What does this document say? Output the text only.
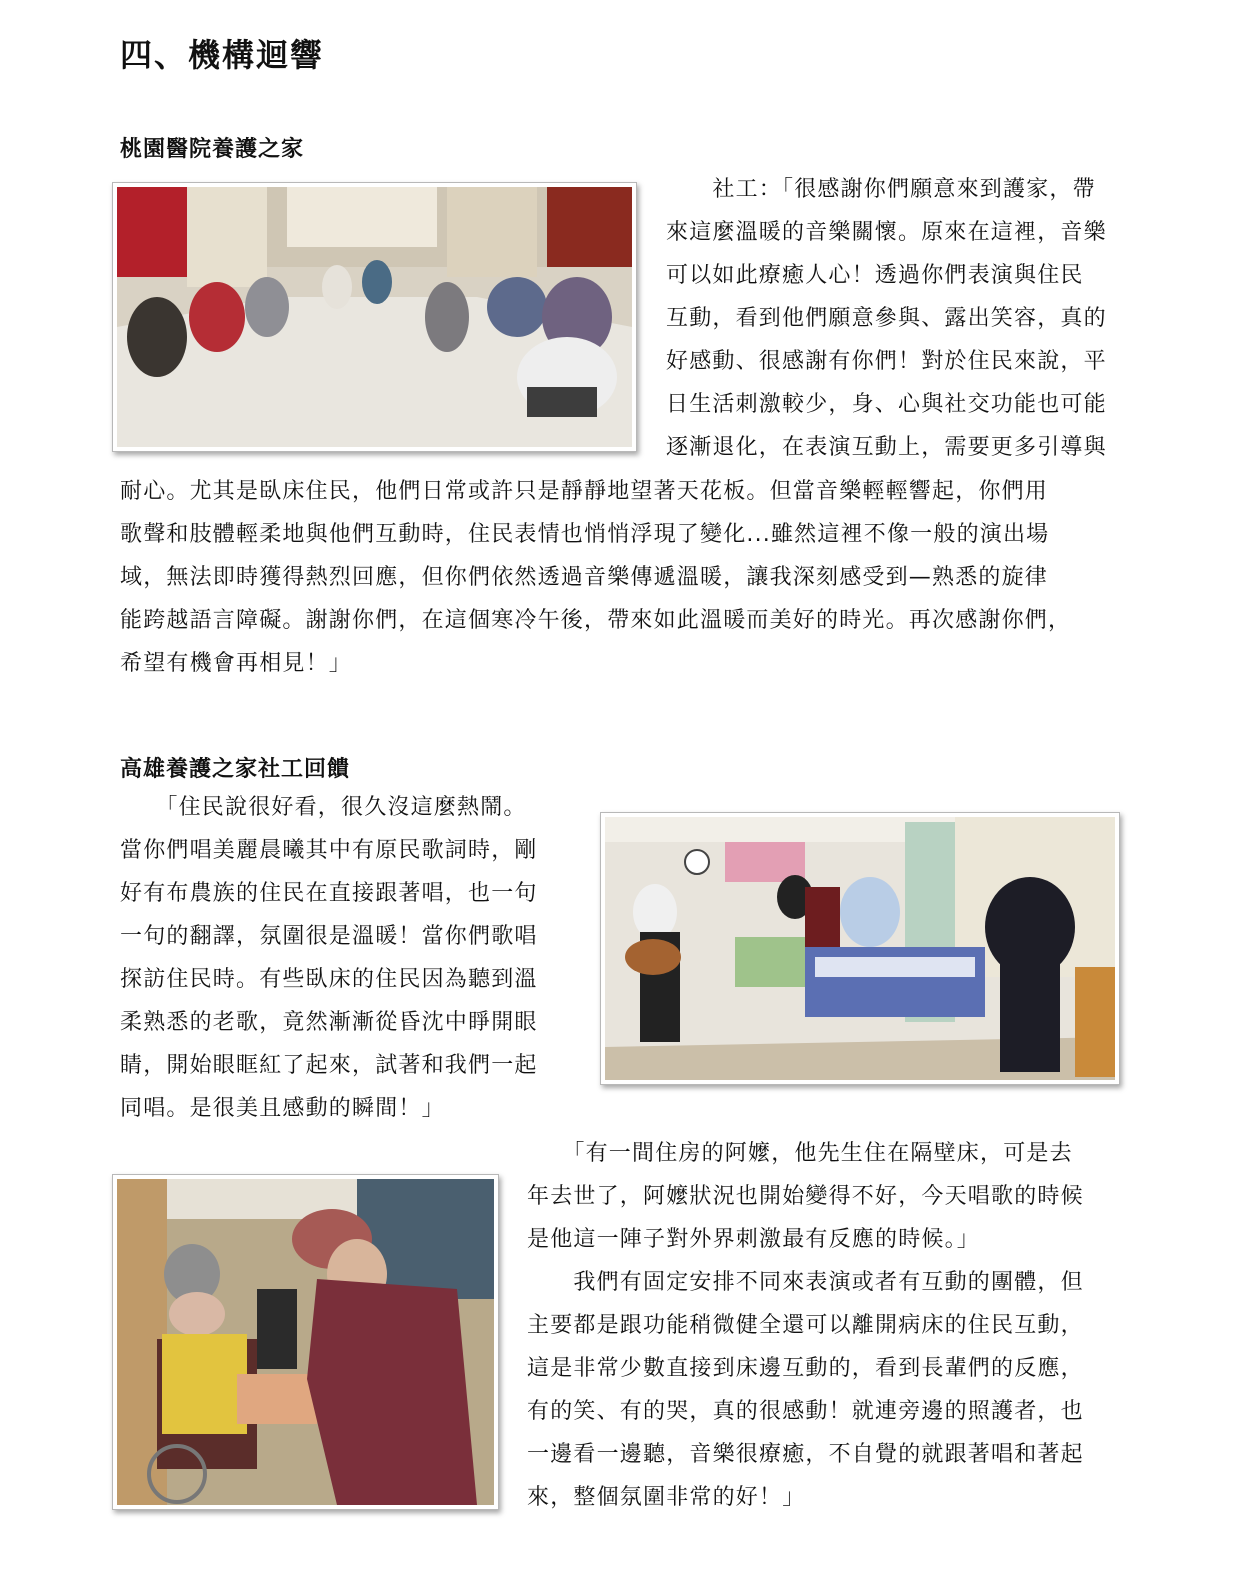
四、機構迴響
桃園醫院養護之家
　　社工：「很感謝你們願意來到護家，帶
來這麼溫暖的音樂關懷。原來在這裡，音樂
可以如此療癒人心！透過你們表演與住民
互動，看到他們願意參與、露出笑容，真的
好感動、很感謝有你們！對於住民來說，平
日生活刺激較少，身、心與社交功能也可能
逐漸退化，在表演互動上，需要更多引導與
耐心。尤其是臥床住民，他們日常或許只是靜靜地望著天花板。但當音樂輕輕響起，你們用
歌聲和肢體輕柔地與他們互動時，住民表情也悄悄浮現了變化...雖然這裡不像一般的演出場
域，無法即時獲得熱烈回應，但你們依然透過音樂傳遞溫暖，讓我深刻感受到—熟悉的旋律
能跨越語言障礙。謝謝你們，在這個寒冷午後，帶來如此溫暖而美好的時光。再次感謝你們，
希望有機會再相見！」
高雄養護之家社工回饋
　　「住民說很好看，很久沒這麼熱鬧。
當你們唱美麗晨曦其中有原民歌詞時，剛
好有布農族的住民在直接跟著唱，也一句
一句的翻譯，氛圍很是溫暖！當你們歌唱
探訪住民時。有些臥床的住民因為聽到溫
柔熟悉的老歌，竟然漸漸從昏沈中睜開眼
睛，開始眼眶紅了起來，試著和我們一起
同唱。是很美且感動的瞬間！」
　　「有一間住房的阿嬤，他先生住在隔壁床，可是去
年去世了，阿嬤狀況也開始變得不好，今天唱歌的時候
是他這一陣子對外界刺激最有反應的時候。」
　　我們有固定安排不同來表演或者有互動的團體，但
主要都是跟功能稍微健全還可以離開病床的住民互動，
這是非常少數直接到床邊互動的，看到長輩們的反應，
有的笑、有的哭，真的很感動！就連旁邊的照護者，也
一邊看一邊聽，音樂很療癒，不自覺的就跟著唱和著起
來，整個氛圍非常的好！」
